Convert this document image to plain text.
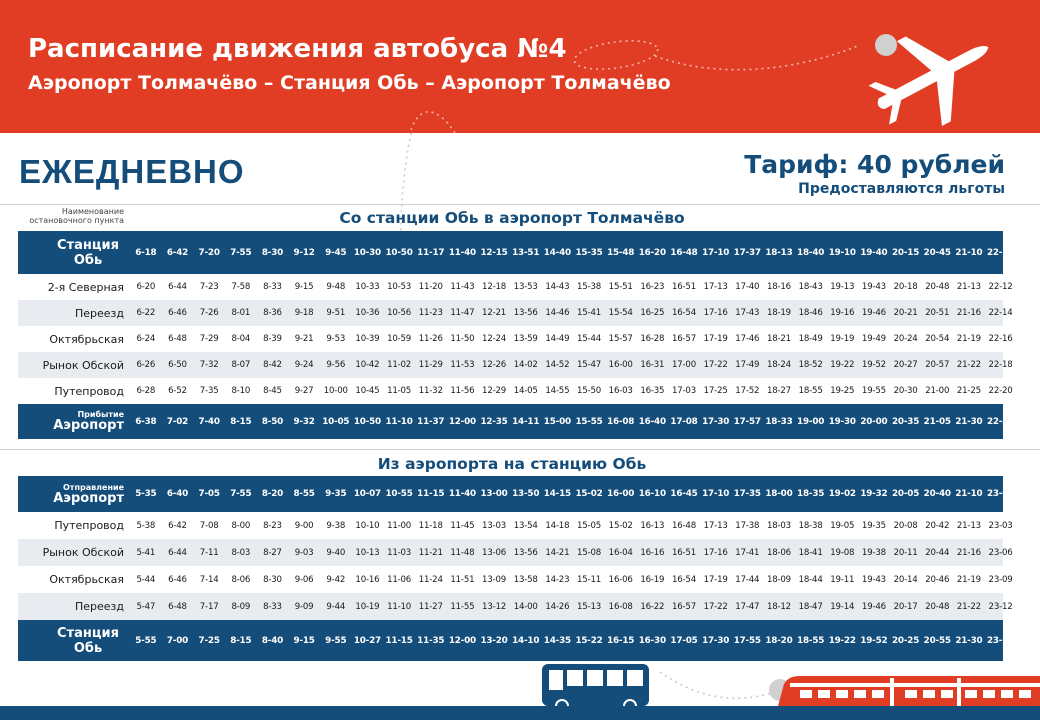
Расписание движения автобуса №4
Аэропорт Толмачёво – Станция Обь – Аэропорт Толмачёво
ЕЖЕДНЕВНО	Тариф: 40 рублей
Предоставляются льготы
Наименование остановочного пункта	Со станции Обь в аэропорт Толмачёво
Станция Обь	6-18	6-42	7-20	7-55	8-30	9-12	9-45 10-30 10-50 11-17 11-40 12-15 13-51 14-40 15-35 15-48 16-20 16-48 17-10 17-37 18-13 18-40 19-10 19-40 20-15 20-45 21-10 22-10
2-я Северная	6-20	6-44	7-23	7-58	8-33	9-15	9-48	10-33 10-53 11-20 11-43 12-18 13-53 14-43 15-38 15-51 16-23 16-51 17-13 17-40 18-16 18-43 19-13 19-43 20-18 20-48 21-13 22-12
Переезд	6-22	6-46	7-26	8-01	8-36	9-18	9-51	10-36 10-56 11-23 11-47 12-21 13-56 14-46 15-41 15-54 16-25 16-54 17-16 17-43 18-19 18-46 19-16 19-46 20-21 20-51 21-16 22-14
Октябрьская	6-24	6-48	7-29	8-04	8-39	9-21	9-53	10-39 10-59 11-26 11-50 12-24 13-59 14-49 15-44 15-57 16-28 16-57 17-19 17-46 18-21 18-49 19-19 19-49 20-24 20-54 21-19 22-16
Рынок Обской	6-26	6-50	7-32	8-07	8-42	9-24	9-56	10-42 11-02 11-29 11-53 12-26 14-02 14-52 15-47 16-00 16-31 17-00 17-22 17-49 18-24 18-52 19-22 19-52 20-27 20-57 21-22 22-18
Путепровод	6-28	6-52	7-35	8-10	8-45	9-27	10-00 10-45 11-05 11-32 11-56 12-29 14-05 14-55 15-50 16-03 16-35 17-03 17-25 17-52 18-27 18-55 19-25 19-55 20-30 21-00 21-25 22-20
Прибытие
Аэропорт	6-38	7-02	7-40	8-15	8-50	9-32 10-05 10-50 11-10 11-37 12-00 12-35 14-11 15-00 15-55 16-08 16-40 17-08 17-30 17-57 18-33 19-00 19-30 20-00 20-35 21-05 21-30 22-30
Из аэропорта на станцию Обь
Отправление
Аэропорт	5-35	6-40	7-05	7-55	8-20	8-55	9-35 10-07 10-55 11-15 11-40 13-00 13-50 14-15 15-02 16-00 16-10 16-45 17-10 17-35 18-00 18-35 19-02 19-32 20-05 20-40 21-10 23-00
Путепровод	5-38	6-42	7-08	8-00	8-23	9-00	9-38	10-10 11-00 11-18 11-45 13-03 13-54 14-18 15-05 15-02 16-13 16-48 17-13 17-38 18-03 18-38 19-05 19-35 20-08 20-42 21-13 23-03
Рынок Обской	5-41	6-44	7-11	8-03	8-27	9-03	9-40	10-13 11-03 11-21 11-48 13-06 13-56 14-21 15-08 16-04 16-16 16-51 17-16 17-41 18-06 18-41 19-08 19-38 20-11 20-44 21-16 23-06
Октябрьская	5-44	6-46	7-14	8-06	8-30	9-06	9-42	10-16 11-06 11-24 11-51 13-09 13-58 14-23 15-11 16-06 16-19 16-54 17-19 17-44 18-09 18-44 19-11 19-43 20-14 20-46 21-19 23-09
Переезд	5-47	6-48	7-17	8-09	8-33	9-09	9-44	10-19 11-10 11-27 11-55 13-12 14-00 14-26 15-13 16-08 16-22 16-57 17-22 17-47 18-12 18-47 19-14 19-46 20-17 20-48 21-22 23-12
Станция Обь	5-55	7-00	7-25	8-15	8-40	9-15	9-55 10-27 11-15 11-35 12-00 13-20 14-10 14-35 15-22 16-15 16-30 17-05 17-30 17-55 18-20 18-55 19-22 19-52 20-25 20-55 21-30 23-20
